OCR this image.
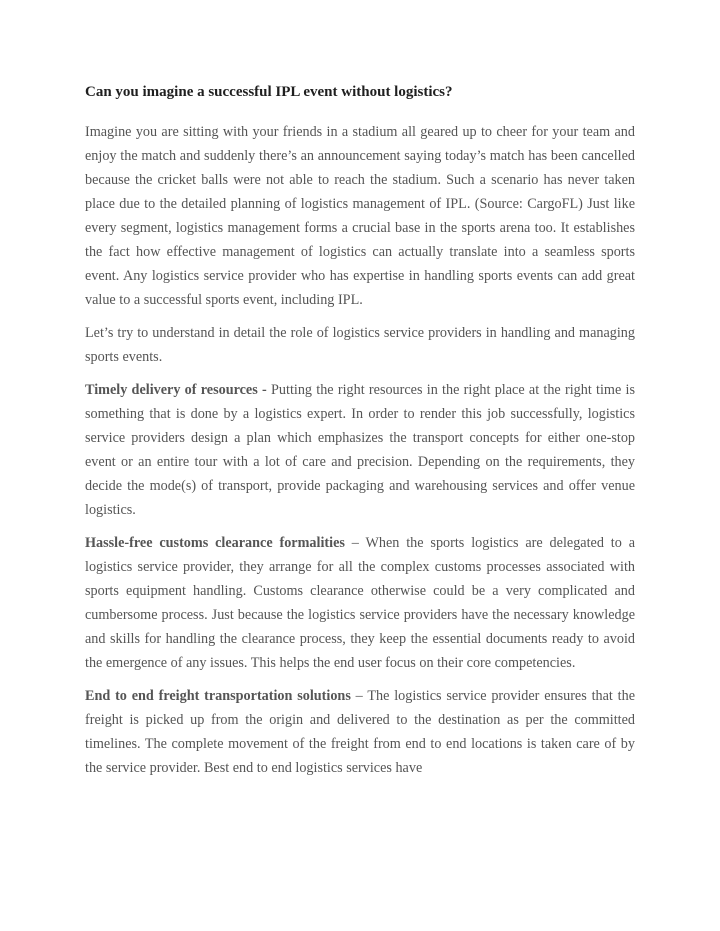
Can you imagine a successful IPL event without logistics?

Imagine you are sitting with your friends in a stadium all geared up to cheer for your team and enjoy the match and suddenly there’s an announcement saying today’s match has been cancelled because the cricket balls were not able to reach the stadium. Such a scenario has never taken place due to the detailed planning of logistics management of IPL. (Source: CargoFL) Just like every segment, logistics management forms a crucial base in the sports arena too. It establishes the fact how effective management of logistics can actually translate into a seamless sports event. Any logistics service provider who has expertise in handling sports events can add great value to a successful sports event, including IPL.

Let’s try to understand in detail the role of logistics service providers in handling and managing sports events.

Timely delivery of resources - Putting the right resources in the right place at the right time is something that is done by a logistics expert. In order to render this job successfully, logistics service providers design a plan which emphasizes the transport concepts for either one-stop event or an entire tour with a lot of care and precision. Depending on the requirements, they decide the mode(s) of transport, provide packaging and warehousing services and offer venue logistics.

Hassle-free customs clearance formalities – When the sports logistics are delegated to a logistics service provider, they arrange for all the complex customs processes associated with sports equipment handling. Customs clearance otherwise could be a very complicated and cumbersome process. Just because the logistics service providers have the necessary knowledge and skills for handling the clearance process, they keep the essential documents ready to avoid the emergence of any issues. This helps the end user focus on their core competencies.

End to end freight transportation solutions – The logistics service provider ensures that the freight is picked up from the origin and delivered to the destination as per the committed timelines. The complete movement of the freight from end to end locations is taken care of by the service provider. Best end to end logistics services have
